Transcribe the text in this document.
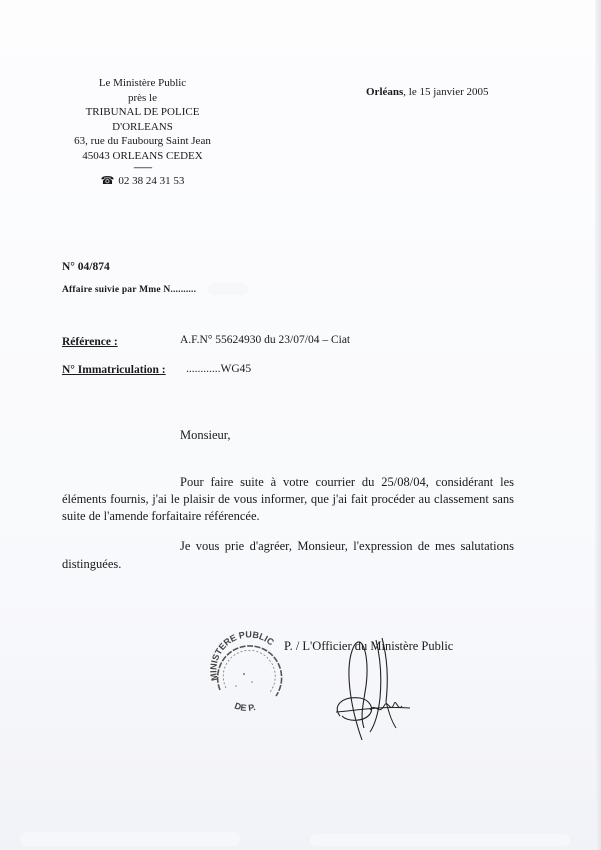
Le Ministère Public
près le
TRIBUNAL DE POLICE
D'ORLEANS
63, rue du Faubourg Saint Jean
45043 ORLEANS CEDEX
---------
☎ 02 38 24 31 53
Orléans, le 15 janvier 2005
N° 04/874
Affaire suivie par Mme N..........
Référence :	A.F.N° 55624930 du 23/07/04 – Ciat
N° Immatriculation : ............WG45
Monsieur,
Pour faire suite à votre courrier du 25/08/04, considérant les éléments fournis, j'ai le plaisir de vous informer, que j'ai fait procéder au classement sans suite de l'amende forfaitaire référencée.
Je vous prie d'agréer, Monsieur, l'expression de mes salutations distinguées.
MINISTERE PUBLIC
DE P.
P. / L'Officier du Ministère Public
